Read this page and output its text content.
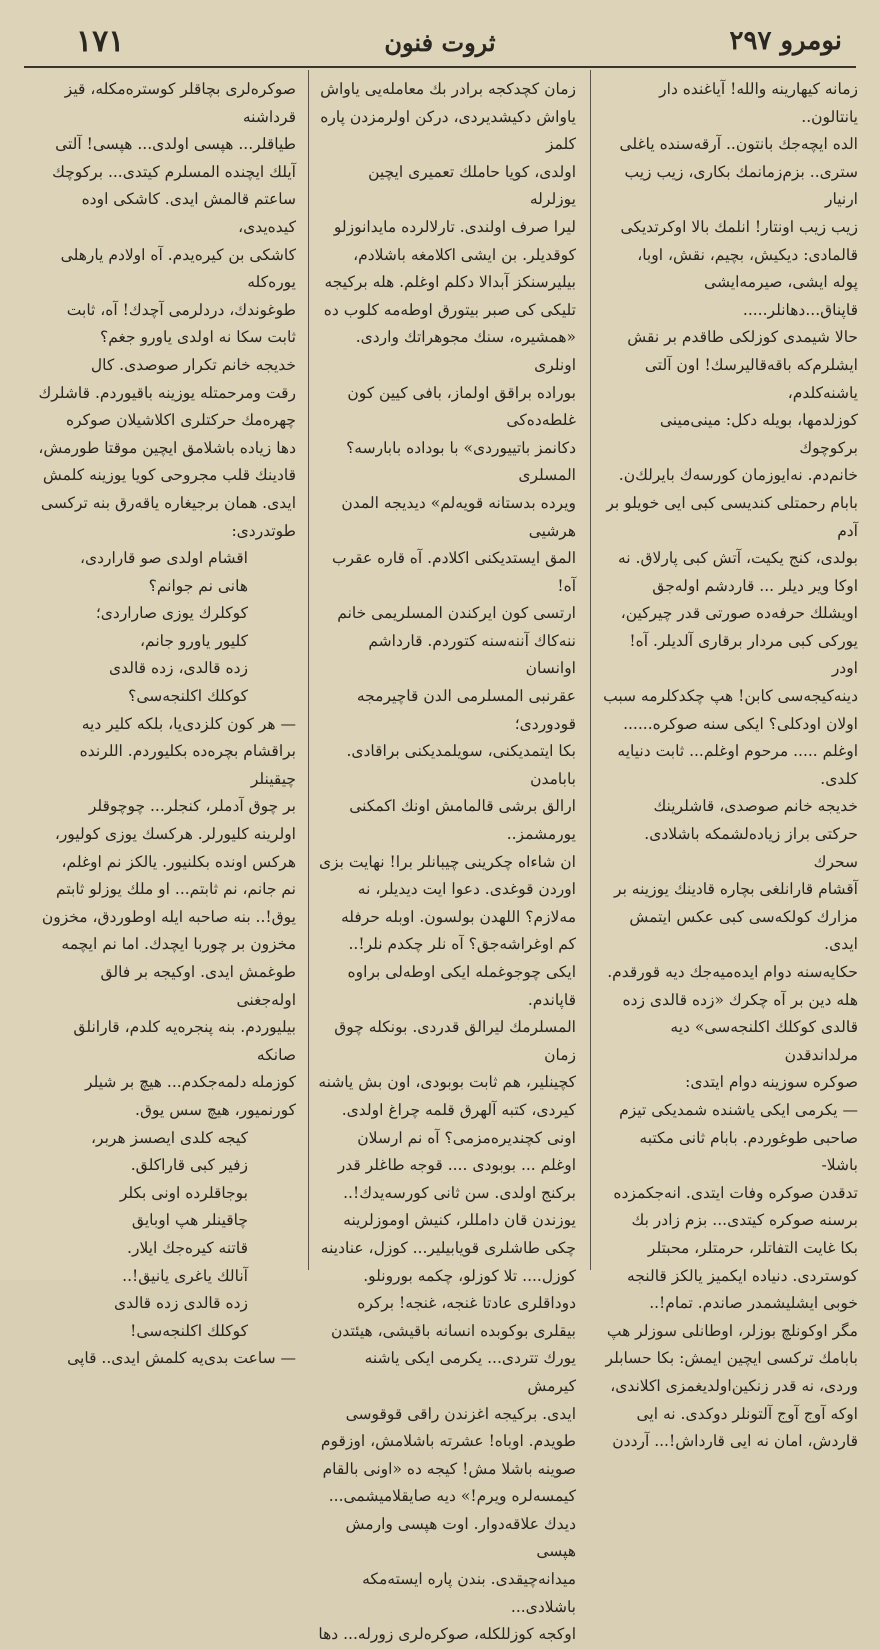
نومرو ٢٩٧
ثروت فنون
١٧١

زمانه کیهارینه والله! آیاغنده دار یانتالون..

الده ایچه‌جك بانتون.. آرقه‌سنده یاغلی

ستری.. بزم‌زمانمك بکاری، زیب زیب ارنيار

زیب زیب اونتار! انلمك بالا اوکرتدیکی

قالمادی: دیکیش، بچیم، نقش، اوبا،

پوله ایشی، صیرمه‌ایشی قاپناق...دهانلر.....

حالا شیمدی کوزلکی طاقدم بر نقش

ایشلرم‌که باقه‌قالیرسك! اون آلتی یاشنه‌کلدم،

کوزلدمها، بویله دکل: مینی‌مینی برکوچوك

خانم‌دم. نه‌ایوزمان کورسه‌ك بایرلك‌ن.

بابام رحمتلی کندیسی کبی ایی خویلو بر آدم

بولدی، کنج یکیت، آتش کبی پارلاق. نه

اوکا ویر دیلر ... قاردشم اوله‌جق

اویشلك حرفه‌ده صورتی قدر چیرکین،

یورکی کبی مردار برقاری آلدیلر. آه! اودر

دینه‌کیجه‌سی کابن! هپ چکدکلرمه سبب

اولان اودکلی؟ ایکی سنه صوکره......

اوغلم ..... مرحوم اوغلم... ثابت دنیایه

کلدی.

خدیجه خانم صوصدی، قاشلرینك

حرکتی براز زیاده‌لشمکه باشلادی. سحرك

آقشام قارانلغی بچاره قادینك یوزینه بر

مزارك کولکه‌سی کبی عکس ایتمش ایدی.

حکایه‌سنه دوام ایده‌میه‌جك دیه قورقدم.

هله دین بر آه چکرك «زده قالدی زده

قالدی کوکلك اکلنجه‌سی» دیه مرلداندقدن

صوکره سوزینه دوام ایتدی:

— یکرمی ایکی یاشنده شمدیکی تیزم

صاحبی طوغوردم. بابام ثانی مکتبه باشلا-

تدقدن صوکره وفات ایتدی. انه‌جکمزده

برسنه صوکره کیتدی... بزم زادر بك

بکا غایت التفاتلر، حرمتلر، محبتلر

کوستردی. دنیاده ایکمیز یالکز قالنجه

خوبی ایشلیشمدر صاندم. تمام!..

مگر اوکونلچ بوزلر، اوطانلی سوزلر هپ

بابامك ترکسی ایچین ایمش: بکا حسابلر

وردی، نه قدر زنکین‌اولدیغمزی اکلاندی،

اوکه آوج آوج آلتونلر دوکدی. نه ایی

قاردش، امان نه ایی قارداش!... آرددن

زمان کچدکجه برادر بك معامله‌یی یاواش

یاواش دکیشدیردی، درکن اولرمزدن پاره کلمز

اولدی، کویا حاملك تعمیری ایچین یوزلرله

لیرا صرف اولندی. تارلالرده مایدانوزلو

کوقدیلر. بن ایشی اکلامغه باشلادم،

بیلیرسنکز آبدالا دکلم اوغلم. هله برکیجه

تلیکی کی صبر بیتورق اوطه‌مه کلوب ده

«همشیره، سنك مجوهراتك واردی. اونلری

بوراده براقق اولماز، بافی کیین کون غلطه‌ده‌کی

دکانمز باتییوردی» با بوداده بابارسه؟ المسلری

ویرده بدستانه قویه‌لم» دیدیجه المدن هرشیی

المق ایستدیکنی اکلادم. آه قاره عقرب آه!

ارتسی کون ایرکندن المسلریمی خانم

ننه‌کاك آننه‌سنه کتوردم. قارداشم اوانسان

عقرنبی المسلرمی الدن قاچیرمجه قودوردی؛

بکا ایتمدیکنی، سویلمدیکنی براقادی. بابامدن

ارالق برشی قالمامش اونك اکمکنی یورمشمز..

ان شاءاه چکرینی چیبانلر برا! نهایت بزی

اوردن قوغدی. دعوا ایت دیدیلر، نه

مه‌لازم؟ اللهدن بولسون. اوبله حرفله

کم اوغراشه‌جق؟ آه نلر چکدم نلر!..

ایکی چوجوغمله ایکی اوطه‌لی براوه قاپاندم.

المسلرمك لیرالق قدردی. بونکله چوق زمان

کچینلیر، هم ثابت بوبودی، اون بش یاشنه

کیردی، کتبه آلهرق قلمه چراغ اولدی.

اونی کچندیره‌مزمی؟ آه نم ارسلان

اوغلم ... بوبودی .... قوجه طاغلر قدر

برکنج اولدی. سن ثانی کورسه‌یدك!..

یوزندن قان دامللر، کنیش اوموزلرینه

چکی طاشلری قویابیلیر... کوزل، عنادینه

کوزل.... تلا کوزلو، چکمه بورونلو.

دوداقلری عادتا غنجه، غنجه! برکره

بیقلری بوکوبده انسانه باقیشی، هیئتدن

یورك تتردی... یکرمی ایکی یاشنه کیرمش

ایدی. برکیجه اغزندن راقی قوقوسی

طویدم. اوباه! عشرته باشلامش، اوزقوم

صوینه باشلا مش! کیجه ده «اونی بالقام

کیمسه‌لره ویرم!» دیه صایقلامیشمی...

دیدك علاقه‌دوار. اوت هپسی وارمش هپسی

میدانه‌چیقدی. بندن پاره ایسته‌مکه باشلادی...

اوکجه کوزللکله، صوکره‌لری زورله... دها

صوکره‌لری بچاقلر کوستره‌مکله، قیز قرداشنه

طیاقلر... هپسی اولدی... هپسی! آلتی

آیلك ایچنده المسلرم کیتدی... برکوچك

ساعتم قالمش ایدی. کاشکی اوده کیده‌یدی،

کاشکی بن کیره‌یدم. آه اولادم یارهلی یوره‌کله

طوغوندك، دردلرمی آچدك! آه، ثابت

ثابت سکا نه اولدی یاورو جغم؟

خدیجه خانم تکرار صوصدی. کال

رقت ومرحمتله یوزینه باقیوردم. قاشلرك

چهره‌مك حرکتلری اکلاشیلان صوکره

دها زیاده باشلامق ایچین موقتا طورمش،

قادینك قلب مجروحی کویا یوزینه کلمش

ایدی. همان برجیغاره یاقه‌رق بنه ترکسی

طوتدردی:

اقشام اولدی صو قاراردی،

هانی نم جوانم؟

کوکلرك یوزی صاراردی؛

کلیور یاورو جانم،

زده قالدی، زده قالدی

کوکلك اکلنجه‌سی؟

— هر کون کلزدی‌یا، بلکه کلیر دیه

براقشام بچره‌ده بکلیوردم. اللرنده چیقینلر

بر چوق آدملر، کنجلر... چوچوقلر

اولرینه کلیورلر. هرکسك یوزی کولیور،

هرکس اونده بکلنیور. یالکز نم اوغلم،

نم جانم، نم ثابتم... او ملك یوزلو ثابتم

یوق!.. بنه صاحبه ایله اوطوردق، مخزون

مخزون بر چوربا ایچدك. اما نم ایچمه

طوغمش ایدی. اوکیجه بر فالق اوله‌جغنی

بیلیوردم. بنه پنجره‌یه کلدم، قارانلق صانکه

کوزمله دلمه‌جکدم... هیچ بر شیلر

کورنمیور، هیچ سس یوق.

کیجه کلدی ایصسز هربر،

زفیر کبی قاراکلق.

بوجاقلرده اونی بکلر

چاقینلر هپ اوبایق

قاتنه کیره‌جك ایلار.

آنالك یاغری یانیق!..

زده قالدی زده قالدی

کوکلك اکلنجه‌سی!

— ساعت بدی‌یه کلمش ایدی.. قاپی
